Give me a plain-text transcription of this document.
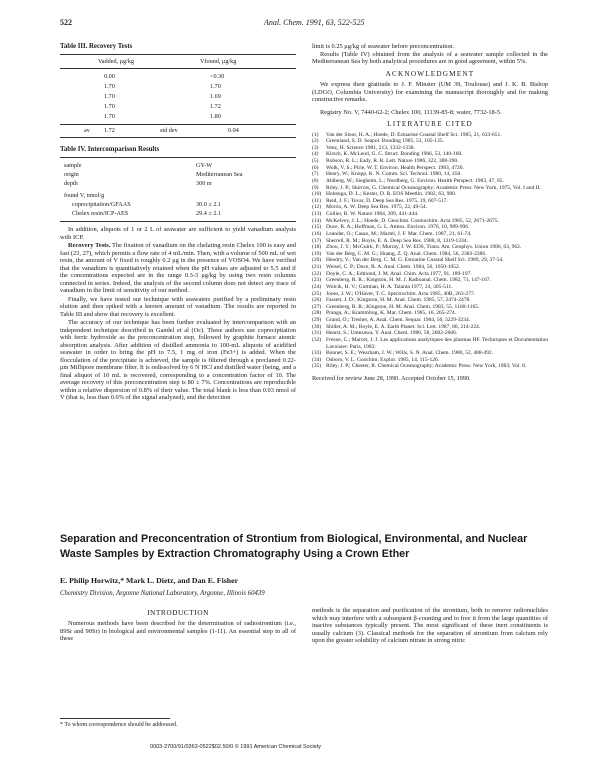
522	Anal. Chem. 1991, 63, 522-525
Table III. Recovery Tests
Vadded, μg/kg	Vfound, μg/kg
0.00	<0.30
1.70	1.70
1.70	1.69
1.70	1.72
1.70	1.80
av 1.72	std dev	0.04
Table IV. Intercomparison Results
sample	GY-W
origin	Mediterranean Sea
depth	300 m
found V, nmol/g
coprecipitation/GFAAS	30.0 ± 2.1
Chelex resin/ICP-AES	29.4 ± 2.1

In addition, aliquots of 1 or 2 L of seawater are sufficient to yield vanadium analysis with ICP.

Recovery Tests. The fixation of vanadium on the chelating resin Chelex 100 is easy and fast (23, 27), which permits a flow rate of 4 mL/min. Then, with a volume of 500 mL of wet resin, the amount of V fixed is roughly 0.2 μg in the presence of VOSO4. We have verified that the vanadium is quantitatively retained when the pH values are adjusted to 5.5 and if the concentrations expected are in the range 0.3-3 μg/kg by using two resin columns connected in series. Indeed, the analysis of the second column does not detect any trace of vanadium in the limit of sensitivity of our method.

Finally, we have tested our technique with seawaters purified by a preliminary resin elution and then spiked with a known amount of vanadium. The results are reported in Table III and show that recovery is excellent.

The accuracy of our technique has been further evaluated by intercomparison with an independent technique described in Gandel et al (Oc). These authors use coprecipitation with ferric hydroxide as the preconcentration step, followed by graphite furnace atomic absorption analysis. After addition of distilled ammonia to 100-mL aliquots of acidified seawater in order to bring the pH to 7.5, 1 mg of iron (Fe3+) is added. When the flocculation of the precipitate is achieved, the sample is filtered through a preclaned 0.22-μm Millipore membrane filter. It is redissolved by 6 N HCl and distilled water (being, and a final aliquot of 10 mL is recovered, corresponding to a concentration factor of 10. The average recovery of this preconcentration step is 80 ± 7%. Concentrations are reproducible within a relative dispersion of 0.8% of their value. The total blank is less than 0.03 nmol of V (that is, less than 0.6% of the signal analyzed), and the detection

limit is 0.25 μg/kg of seawater before preconcentration.

Results (Table IV) obtained from the analysis of a seawater sample collected in the Mediterranean Sea by both analytical procedures are in good agreement, within 5%.

ACKNOWLEDGMENT

We express their gratitude to J. F. Minster (UM 39, Toulouse) and J. K. B. Bishop (LDGO, Columbia University) for examining the manuscript thoroughly and for making constructive remarks.

Registry No. V, 7440-62-2; Chelex 100, 11139-85-8; water, 7732-18-5.

LITERATURE CITED
(1)	Van der Sloot, H. A.; Hoede, D. Estuarine Coastal Shelf Sci. 1985, 21, 633-651.
(2)	Greenland, S. D. Seapol. Bonding 1985, 53, 105-135.
(3)	Venz, H. Science 1981, 213, 1332-1338.
(4)	Kirsch, K. McLeod, G. C. Struct. Bonding 1966, 53, 140-160.
(5)	Robson, R. L.; Eady, R. R. Lett. Nature 1986, 322, 388-390.
(6)	Wolk, V. S.; Pirie, W. T. Environ. Health Perspect. 1983, 4720.
(7)	Henry, W.; Knopp, K. N. Comm. Sci. Technol. 1980, 14, 450.
(8)	Ahlberg, W.; Siegheim, L.; Nordberg, G. Environ. Health Perspect. 1983, 47, 85.
(9)	Riley, J. P.; Skirrow, G. Chemical Oceanography; Academic Press: New York, 1975, Vol. I and II.
(10) Hobenga, D. L.; Kester, D. R. EOS Meetlin. 1982, 63, 980.
(11) Reid, J. F.; Tovar, D. Deep Sea Res. 1975, 19, 607-517.
(12) Morris, A. W. Deep Sea Res. 1975, 22, 49-54.
(13) Collier, R. W. Nature 1984, 309, 441-444.
(14) McKelvey, J. L.; Hoede, D. Geochim. Cosmochim. Acta 1985, 52, 2671-2675.
(15) Duce, R. A.; Hoffman, G. L. Atmos. Environ. 1976, 10, 989-996.
(16) Leander, O.; Casao, M.; Martel, J. F. Mar. Chem. 1987, 21, 61-74.
(17) Sherrell, R. M.; Boyle, E. A. Deep Sea Res. 1988, 8, 1319-1334.
(18) Zhou, J. Y.; McGuirk, P.; Murray, J. W. EOS, Trans. Am. Geophys. Union 1986, 63, 962.
(19) Van der Berg, C. M. G.; Huang, Z. Q. Anal. Chem. 1984, 56, 2383-2386.
(20) Hendry, V.; Van der Berg, C. M. G. Estuarine Coastal Shelf Sci. 1989, 29, 37-54.
(21) Weisel, C. P.; Duce, R. A. Anal. Chem. 1984, 56, 1050-1052.
(22) Doyle, C. A.; Edmond, J. M. Anal. Chim. Acta 1977, 91, 189-197.
(23) Greenberg, R. R.; Kingston, H. M. J. Radioanal. Chem. 1982, 71, 147-167.
(24) Wolcik, H. V.; Guttman, H. A. Talanta 1977, 24, 305-511.
(25) Jones, J. W.; O'Haver, T. C. Spectrochim. Acta 1985, 40B, 263-277.
(26) Fassett, J. D.; Kingston, H. M. Anal. Chem. 1985, 57, 2474-2478.
(27) Greenberg, R. R.; Kingston, H. M. Anal. Chem. 1983, 55, 1160-1165.
(28) Pranga, A.; Krammling, K. Mar. Chem. 1985, 16, 265-274.
(29) Grand, O.; Tresher, A. Anal. Chem. Sequar. 1984, 56, 3229-3234.
(30) Shiller, A. M.; Boyle, E. A. Earth Planet. Sci. Lett. 1987, 86, 214-224.
(31) Hearst, S.; Umezawa, Y. Anal. Chem. 1986, 58, 2602-2606.
(32) Fresne, C.; Marcet, J. J. Les applications analytiques des plasmas HF. Techniques et Documentation Lavoisier: Paris, 1983.
(33) Bonnet, S. E.; Wearham, J. W.; Wills, S. N. Anal. Chem. 1980, 52, 488-492.
(34) Osborn, V. L. Goochim. Explor. 1985, 14, 115-126.
(35) Riley, J. P.; Chester, R. Chemical Oceanography; Academic Press: New York, 1983; Vol. 8.

Received for review June 28, 1990. Accepted October 15, 1990.

Separation and Preconcentration of Strontium from Biological, Environmental, and Nuclear Waste Samples by Extraction Chromatography Using a Crown Ether
E. Philip Horwitz,* Mark L. Dietz, and Dan E. Fisher
Chemistry Division, Argonne National Laboratory, Argonne, Illinois 60439
INTRODUCTION

Numerous methods have been described for the determination of radiostrontium (i.e., 89Sr and 90Sr) in biological and environmental samples (1-11). An essential step in all of these

methods is the separation and purification of the strontium, both to remove radionuclides which may interfere with a subsequent β-counting and to free it from the large quantities of inactive substances typically present. The most significant of these inert constituents is usually calcium (3). Classical methods for the separation of strontium from calcium rely upon the greater solubility of calcium nitrate in strong nitric

* To whom correspondence should be addressed.
0003-2700/91/0363-0522$02.50/0 © 1991 American Chemical Society
